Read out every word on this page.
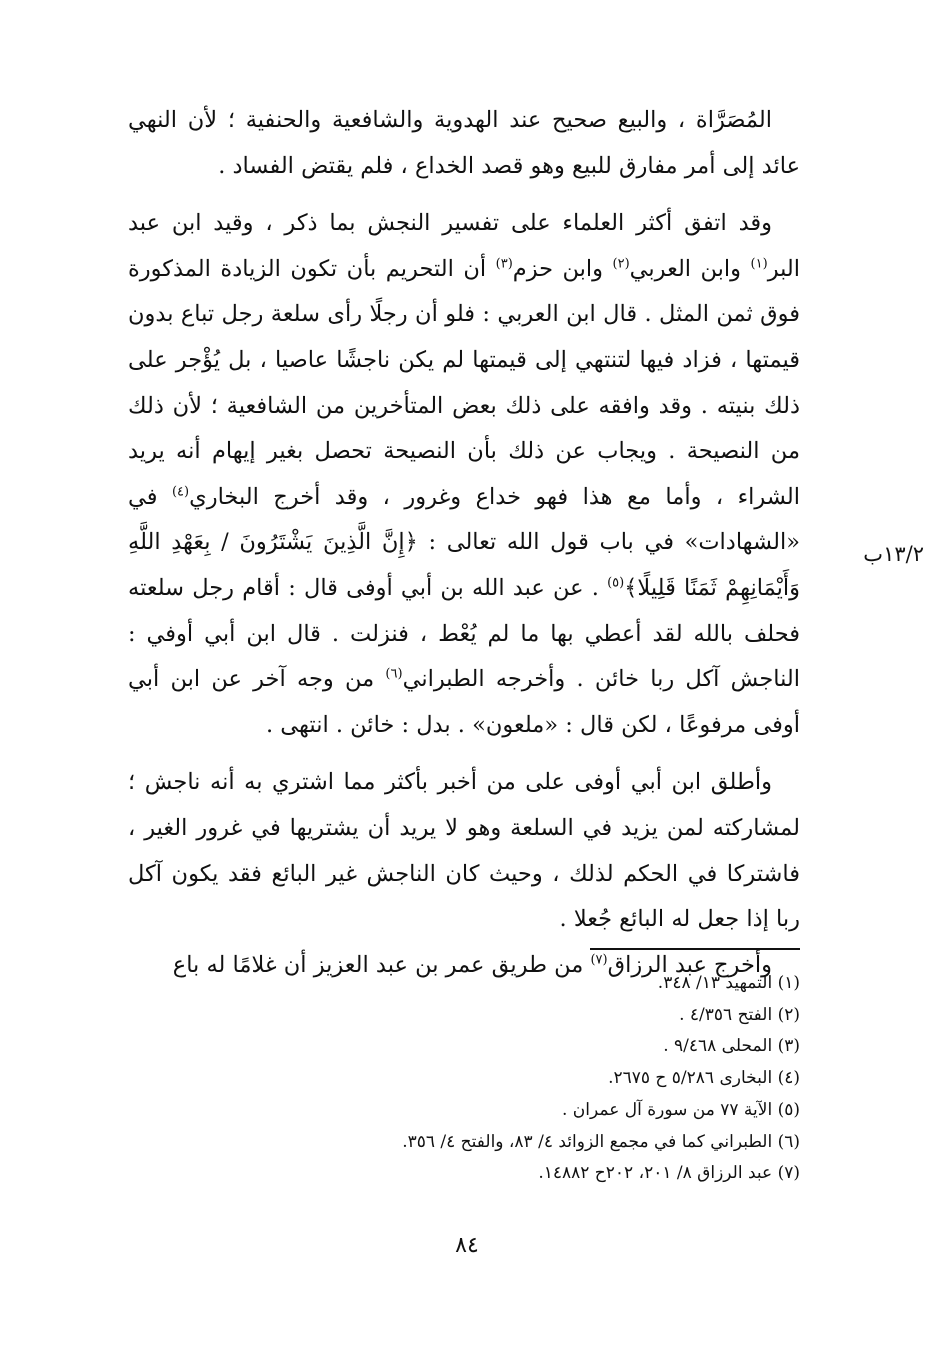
المُصَرَّاة ، والبيع صحيح عند الهدوية والشافعية والحنفية ؛ لأن النهي عائد إلى أمر مفارق للبيع وهو قصد الخداع ، فلم يقتض الفساد .

وقد اتفق أكثر العلماء على تفسير النجش بما ذكر ، وقيد ابن عبد البر$^{(١)}$ وابن العربي$^{(٢)}$ وابن حزم$^{(٣)}$ أن التحريم بأن تكون الزيادة المذكورة فوق ثمن المثل . قال ابن العربي : فلو أن رجلًا رأى سلعة رجل تباع بدون قيمتها ، فزاد فيها لتنتهي إلى قيمتها لم يكن ناجشًا عاصيا ، بل يُؤْجر على ذلك بنيته . وقد وافقه على ذلك بعض المتأخرين من الشافعية ؛ لأن ذلك من النصيحة . ويجاب عن ذلك بأن النصيحة تحصل بغير إيهام أنه يريد الشراء ، وأما مع هذا فهو خداع وغرور ، وقد أخرج البخاري$^{(٤)}$ في «الشهادات» في باب قول الله تعالى : ﴿إِنَّ الَّذِينَ يَشْتَرُونَ / بِعَهْدِ اللَّهِ وَأَيْمَانِهِمْ ثَمَنًا قَلِيلًا﴾$^{(٥)}$ . عن عبد الله بن أبي أوفى قال : أقام رجل سلعته فحلف بالله لقد أعطي بها ما لم يُعْط ، فنزلت . قال ابن أبي أوفي : الناجش آكل ربا خائن . وأخرجه الطبراني$^{(٦)}$ من وجه آخر عن ابن أبي أوفى مرفوعًا ، لكن قال : «ملعون» . بدل : خائن . انتهى .

وأطلق ابن أبي أوفى على من أخبر بأكثر مما اشتري به أنه ناجش ؛ لمشاركته لمن يزيد في السلعة وهو لا يريد أن يشتريها في غرور الغير ، فاشتركا في الحكم لذلك ، وحيث كان الناجش غير البائع فقد يكون آكل ربا إذا جعل له البائع جُعلا .

وأخرج عبد الرزاق$^{(٧)}$ من طريق عمر بن عبد العزيز أن غلامًا له باع

١٣/٢ب
(١) التمهيد ١٣/ ٣٤٨.
(٢) الفتح ٤/٣٥٦ .
(٣) المحلى ٩/٤٦٨ .
(٤) البخارى ٥/٢٨٦ ح ٢٦٧٥.
(٥) الآية ٧٧ من سورة آل عمران .
(٦) الطبراني كما في مجمع الزوائد ٤/ ٨٣، والفتح ٤/ ٣٥٦.
(٧) عبد الرزاق ٨/ ٢٠١، ٢٠٢ح ١٤٨٨٢.
٨٤
